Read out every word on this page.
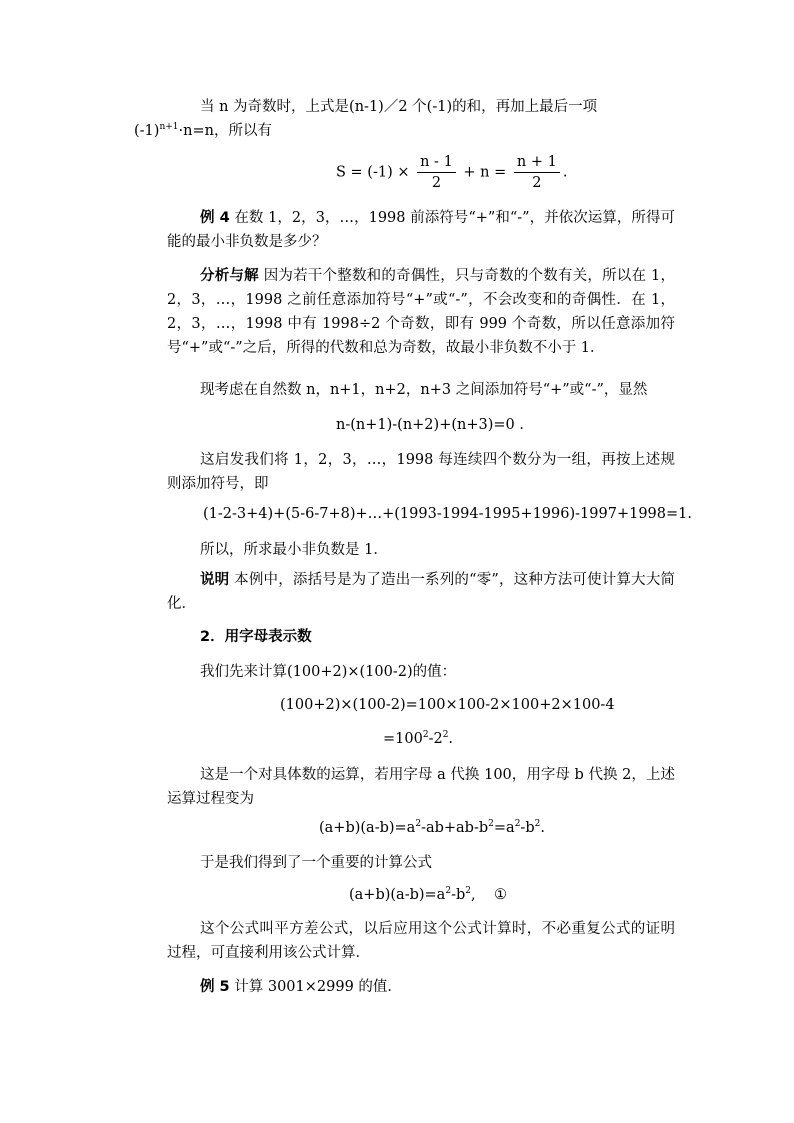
当 n 为奇数时，上式是(n-1)／2 个(-1)的和，再加上最后一项
$(-1)^{n+1}\cdot n=n$，所以有

$S = (-1) \times \frac{n - 1}{2} + n = \frac{n + 1}{2}$ .

例 4 在数 1，2，3，…，1998 前添符号“+”和“-”，并依次运算，所得可能的最小非负数是多少？

分析与解 因为若干个整数和的奇偶性，只与奇数的个数有关，所以在 1，2，3，…，1998 之前任意添加符号“+”或“-”，不会改变和的奇偶性．在 1，2，3，…，1998 中有 1998÷2 个奇数，即有 999 个奇数，所以任意添加符号“+”或“-”之后，所得的代数和总为奇数，故最小非负数不小于 1．

现考虑在自然数 n，n+1，n+2，n+3 之间添加符号“+”或“-”，显然

n-(n+1)-(n+2)+(n+3)=0 ．

这启发我们将 1，2，3，…，1998 每连续四个数分为一组，再按上述规则添加符号，即

(1-2-3+4)+(5-6-7+8)+…+(1993-1994-1995+1996)-1997+1998=1.

所以，所求最小非负数是 1．

说明 本例中，添括号是为了造出一系列的“零”，这种方法可使计算大大简化．

2．用字母表示数

我们先来计算(100+2)×(100-2)的值：

(100+2)×(100-2)=100×100-2×100+2×100-4
$=100^2-2^2$.

这是一个对具体数的运算，若用字母 a 代换 100，用字母 b 代换 2，上述运算过程变为

$(a+b)(a-b)=a^2-ab+ab-b^2=a^2-b^2$.

于是我们得到了一个重要的计算公式

$(a+b)(a-b)=a^2-b^2$, ①

这个公式叫平方差公式，以后应用这个公式计算时，不必重复公式的证明过程，可直接利用该公式计算．

例 5 计算 3001×2999 的值．
